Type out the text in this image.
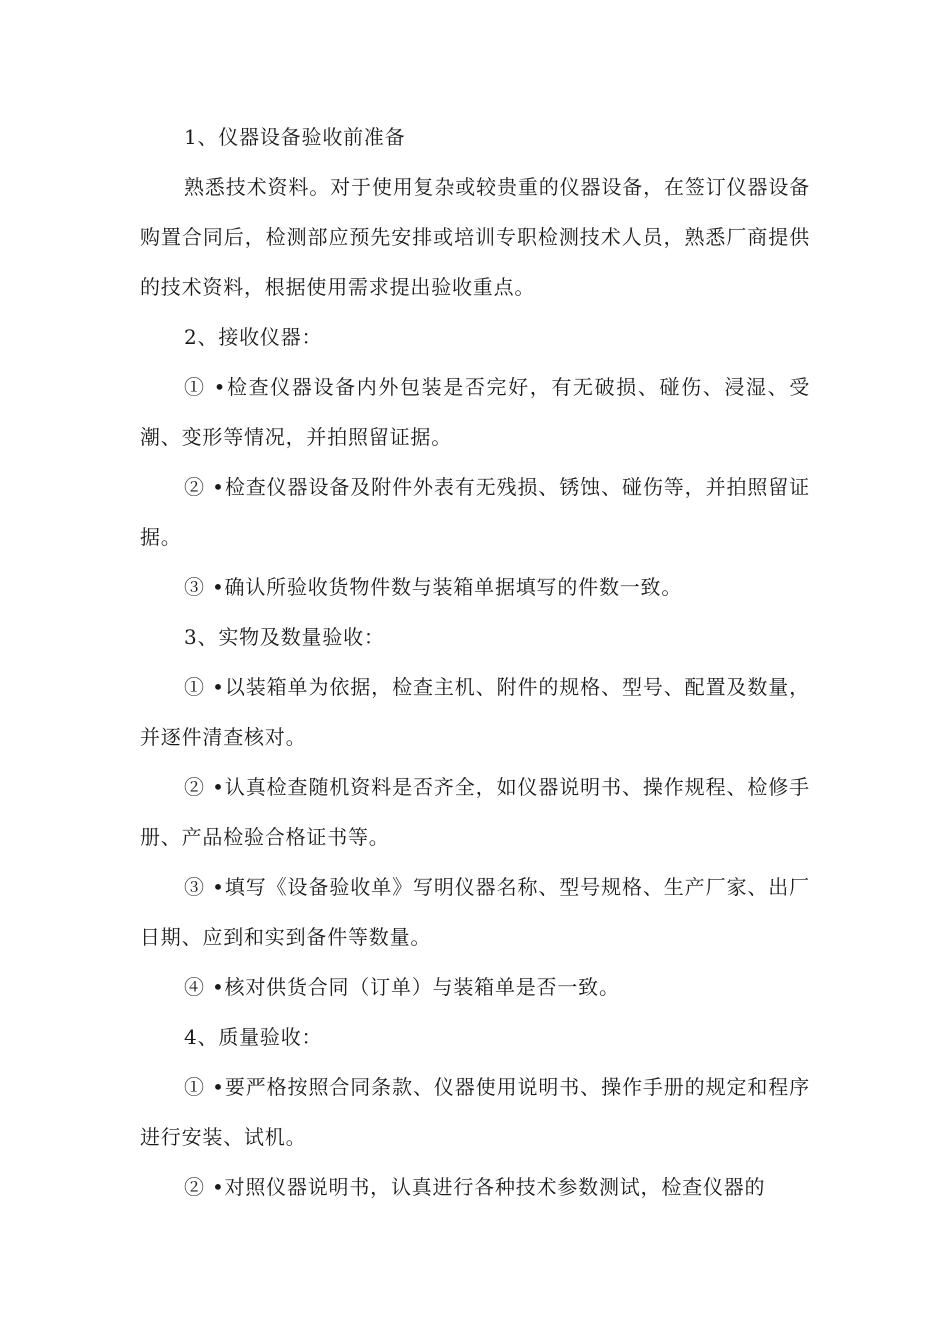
1、仪器设备验收前准备

熟悉技术资料。对于使用复杂或较贵重的仪器设备，在签订仪器设备购置合同后，检测部应预先安排或培训专职检测技术人员，熟悉厂商提供的技术资料，根据使用需求提出验收重点。

2、接收仪器：

① •检查仪器设备内外包装是否完好，有无破损、碰伤、浸湿、受潮、变形等情况，并拍照留证据。

② •检查仪器设备及附件外表有无残损、锈蚀、碰伤等，并拍照留证据。

③ •确认所验收货物件数与装箱单据填写的件数一致。

3、实物及数量验收：

① •以装箱单为依据，检查主机、附件的规格、型号、配置及数量，并逐件清查核对。

② •认真检查随机资料是否齐全，如仪器说明书、操作规程、检修手册、产品检验合格证书等。

③ •填写《设备验收单》写明仪器名称、型号规格、生产厂家、出厂日期、应到和实到备件等数量。

④ •核对供货合同（订单）与装箱单是否一致。

4、质量验收：

① •要严格按照合同条款、仪器使用说明书、操作手册的规定和程序进行安装、试机。

② •对照仪器说明书，认真进行各种技术参数测试，检查仪器的
